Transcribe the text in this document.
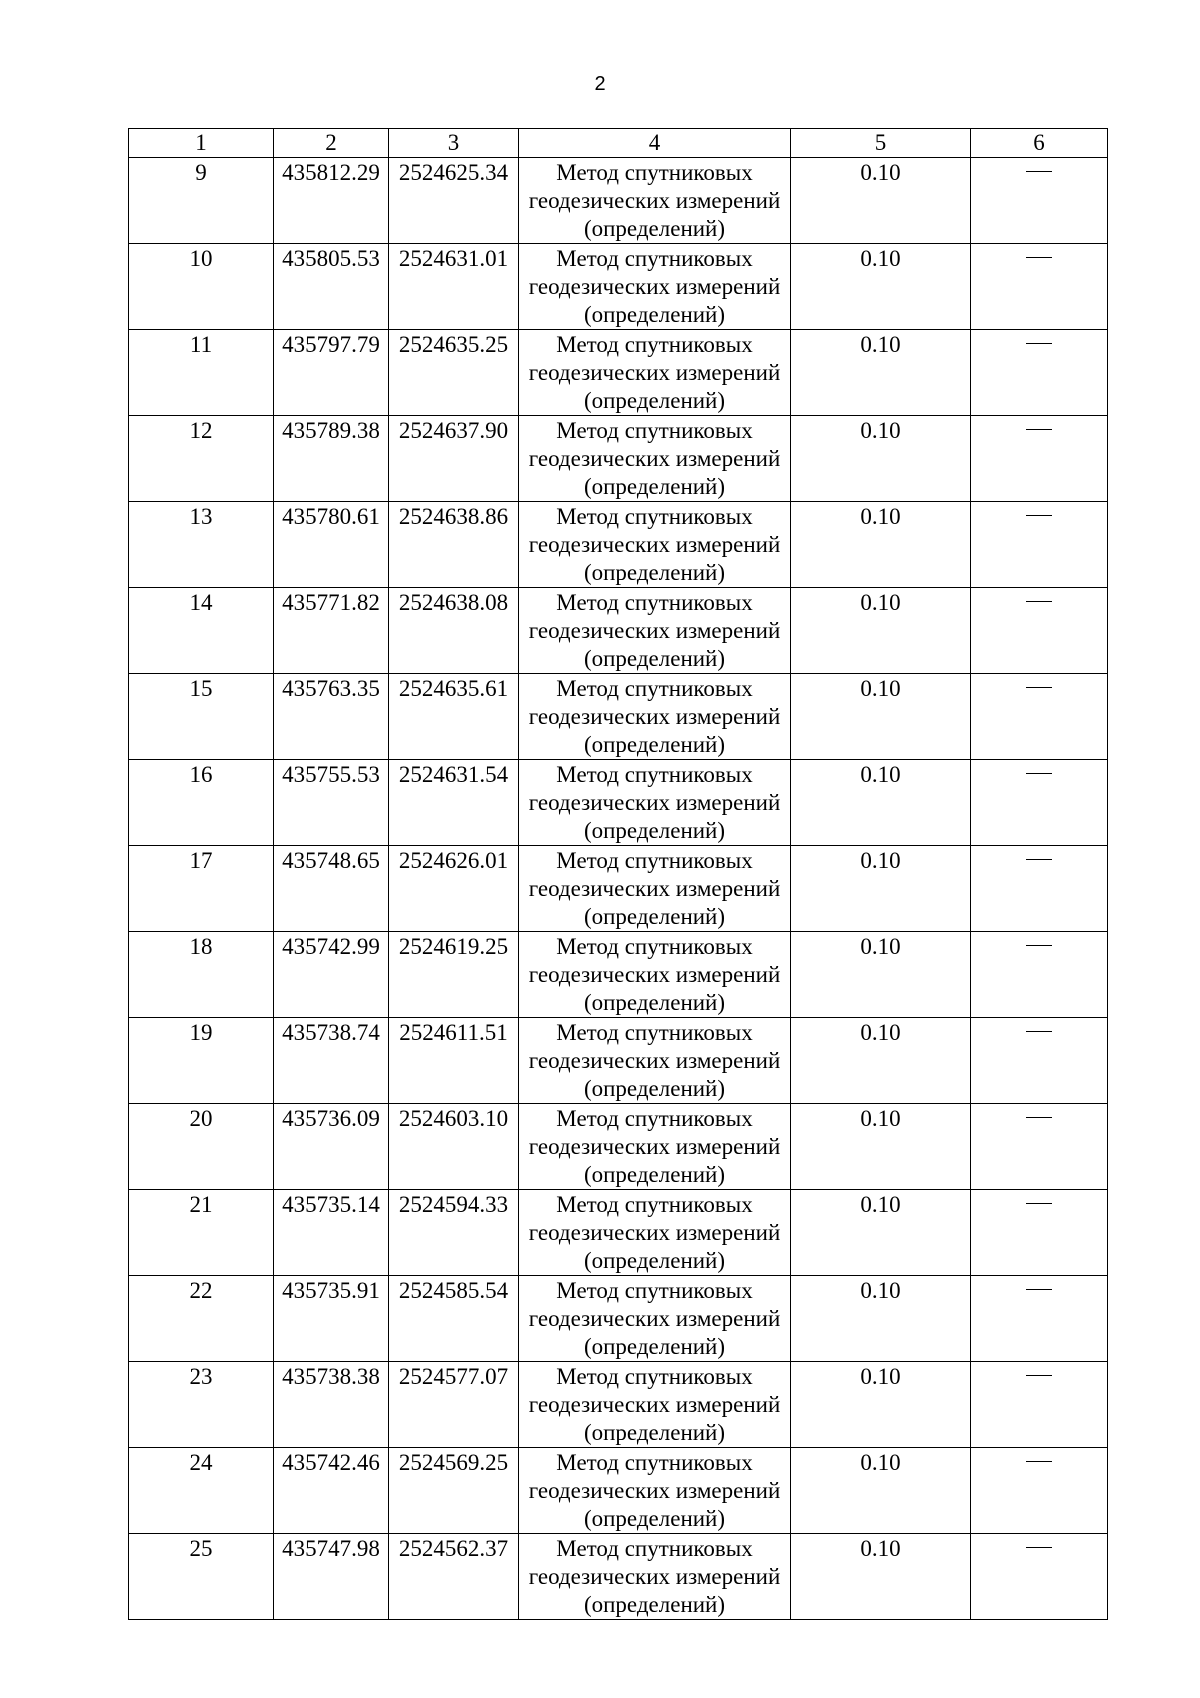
2
1	2	3	4	5	6
9	435812.29	2524625.34	Метод спутниковых
геодезических измерений
(определений)	0.10	
10	435805.53	2524631.01	Метод спутниковых
геодезических измерений
(определений)	0.10	
11	435797.79	2524635.25	Метод спутниковых
геодезических измерений
(определений)	0.10	
12	435789.38	2524637.90	Метод спутниковых
геодезических измерений
(определений)	0.10	
13	435780.61	2524638.86	Метод спутниковых
геодезических измерений
(определений)	0.10	
14	435771.82	2524638.08	Метод спутниковых
геодезических измерений
(определений)	0.10	
15	435763.35	2524635.61	Метод спутниковых
геодезических измерений
(определений)	0.10	
16	435755.53	2524631.54	Метод спутниковых
геодезических измерений
(определений)	0.10	
17	435748.65	2524626.01	Метод спутниковых
геодезических измерений
(определений)	0.10	
18	435742.99	2524619.25	Метод спутниковых
геодезических измерений
(определений)	0.10	
19	435738.74	2524611.51	Метод спутниковых
геодезических измерений
(определений)	0.10	
20	435736.09	2524603.10	Метод спутниковых
геодезических измерений
(определений)	0.10	
21	435735.14	2524594.33	Метод спутниковых
геодезических измерений
(определений)	0.10	
22	435735.91	2524585.54	Метод спутниковых
геодезических измерений
(определений)	0.10	
23	435738.38	2524577.07	Метод спутниковых
геодезических измерений
(определений)	0.10	
24	435742.46	2524569.25	Метод спутниковых
геодезических измерений
(определений)	0.10	
25	435747.98	2524562.37	Метод спутниковых
геодезических измерений
(определений)	0.10	
